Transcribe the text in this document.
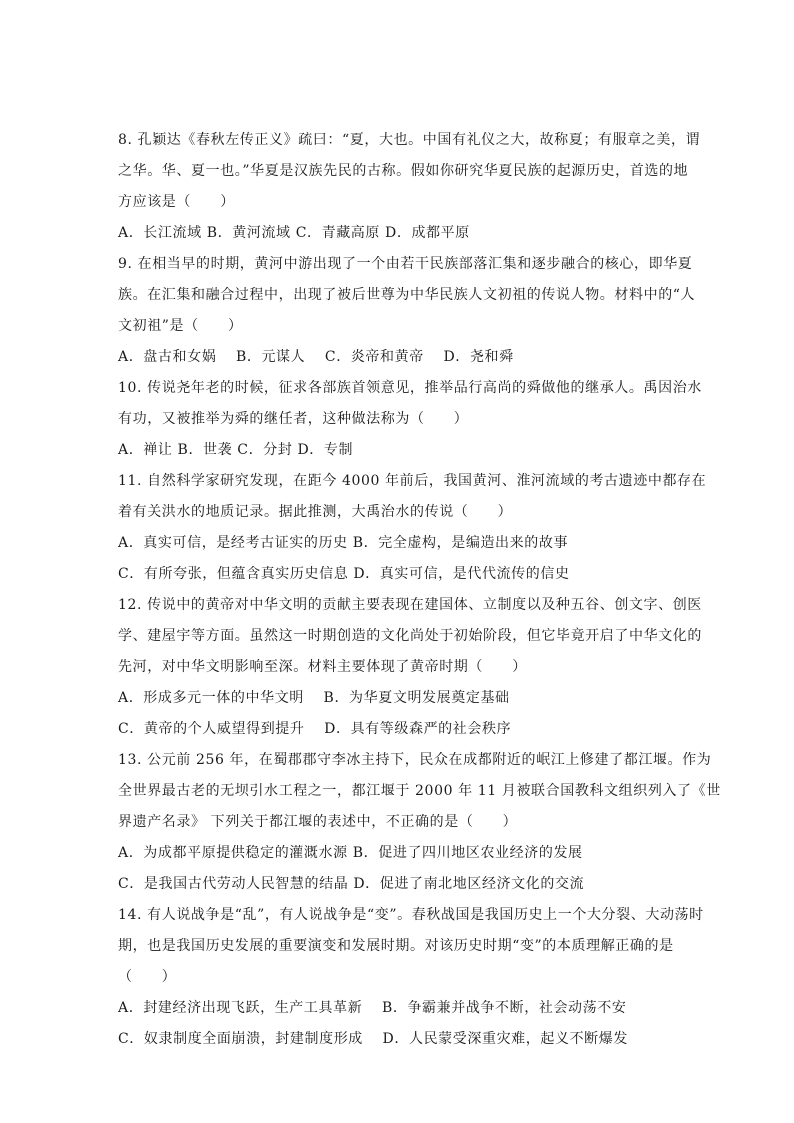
8. 孔颖达《春秋左传正义》疏曰：“夏，大也。中国有礼仪之大，故称夏；有服章之美，谓
之华。华、夏一也。”华夏是汉族先民的古称。假如你研究华夏民族的起源历史，首选的地
方应该是（　　）
A．长江流域 B．黄河流域 C．青藏高原 D．成都平原
9. 在相当早的时期，黄河中游出现了一个由若干民族部落汇集和逐步融合的核心，即华夏
族。在汇集和融合过程中，出现了被后世尊为中华民族人文初祖的传说人物。材料中的“人
文初祖”是（　　）
A．盘古和女娲　 B．元谋人　 C．炎帝和黄帝　 D．尧和舜
10. 传说尧年老的时候，征求各部族首领意见，推举品行高尚的舜做他的继承人。禹因治水
有功，又被推举为舜的继任者，这种做法称为（　　）
A．禅让 B．世袭 C．分封 D．专制
11. 自然科学家研究发现，在距今 4000 年前后，我国黄河、淮河流域的考古遗迹中都存在
着有关洪水的地质记录。据此推测，大禹治水的传说（　　）
A．真实可信，是经考古证实的历史 B．完全虚构，是编造出来的故事
C．有所夸张，但蕴含真实历史信息 D．真实可信，是代代流传的信史
12. 传说中的黄帝对中华文明的贡献主要表现在建国体、立制度以及种五谷、创文字、创医
学、建屋宇等方面。虽然这一时期创造的文化尚处于初始阶段，但它毕竟开启了中华文化的
先河，对中华文明影响至深。材料主要体现了黄帝时期（　　）
A．形成多元一体的中华文明　 B．为华夏文明发展奠定基础
C．黄帝的个人威望得到提升　 D．具有等级森严的社会秩序
13. 公元前 256 年，在蜀郡郡守李冰主持下，民众在成都附近的岷江上修建了都江堰。作为
全世界最古老的无坝引水工程之一，都江堰于 2000 年 11 月被联合国教科文组织列入了《世
界遗产名录》 下列关于都江堰的表述中，不正确的是（　　）
A．为成都平原提供稳定的灌溉水源 B．促进了四川地区农业经济的发展
C．是我国古代劳动人民智慧的结晶 D．促进了南北地区经济文化的交流
14. 有人说战争是“乱”，有人说战争是“变”。春秋战国是我国历史上一个大分裂、大动荡时
期，也是我国历史发展的重要演变和发展时期。对该历史时期“变”的本质理解正确的是
（　　）
A．封建经济出现飞跃，生产工具革新　 B．争霸兼并战争不断，社会动荡不安
C．奴隶制度全面崩溃，封建制度形成　 D．人民蒙受深重灾难，起义不断爆发
